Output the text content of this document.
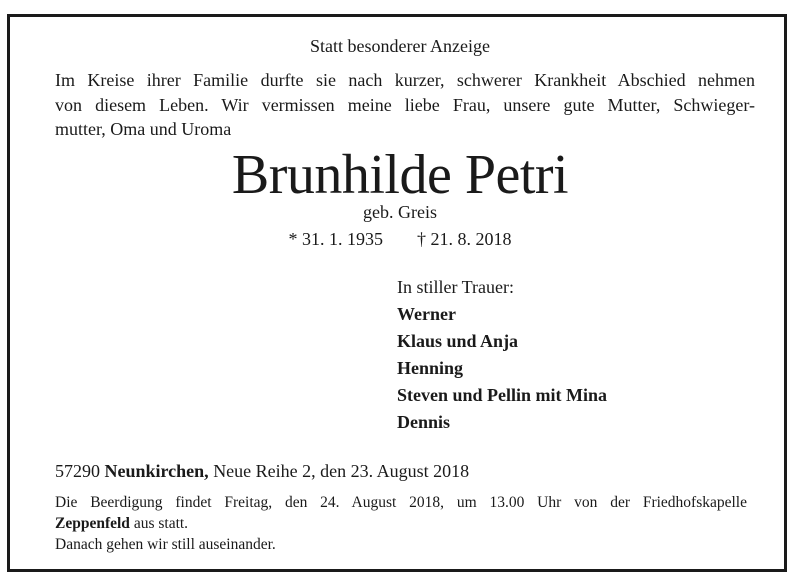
Statt besonderer Anzeige
Im Kreise ihrer Familie durfte sie nach kurzer, schwerer Krankheit Abschied nehmen
von diesem Leben. Wir vermissen meine liebe Frau, unsere gute Mutter, Schwieger-
mutter, Oma und Uroma
Brunhilde Petri
geb. Greis
* 31. 1. 1935 † 21. 8. 2018
In stiller Trauer:
Werner
Klaus und Anja
Henning
Steven und Pellin mit Mina
Dennis
57290 Neunkirchen, Neue Reihe 2, den 23. August 2018
Die Beerdigung findet Freitag, den 24. August 2018, um 13.00 Uhr von der Friedhofskapelle
Zeppenfeld aus statt.
Danach gehen wir still auseinander.
